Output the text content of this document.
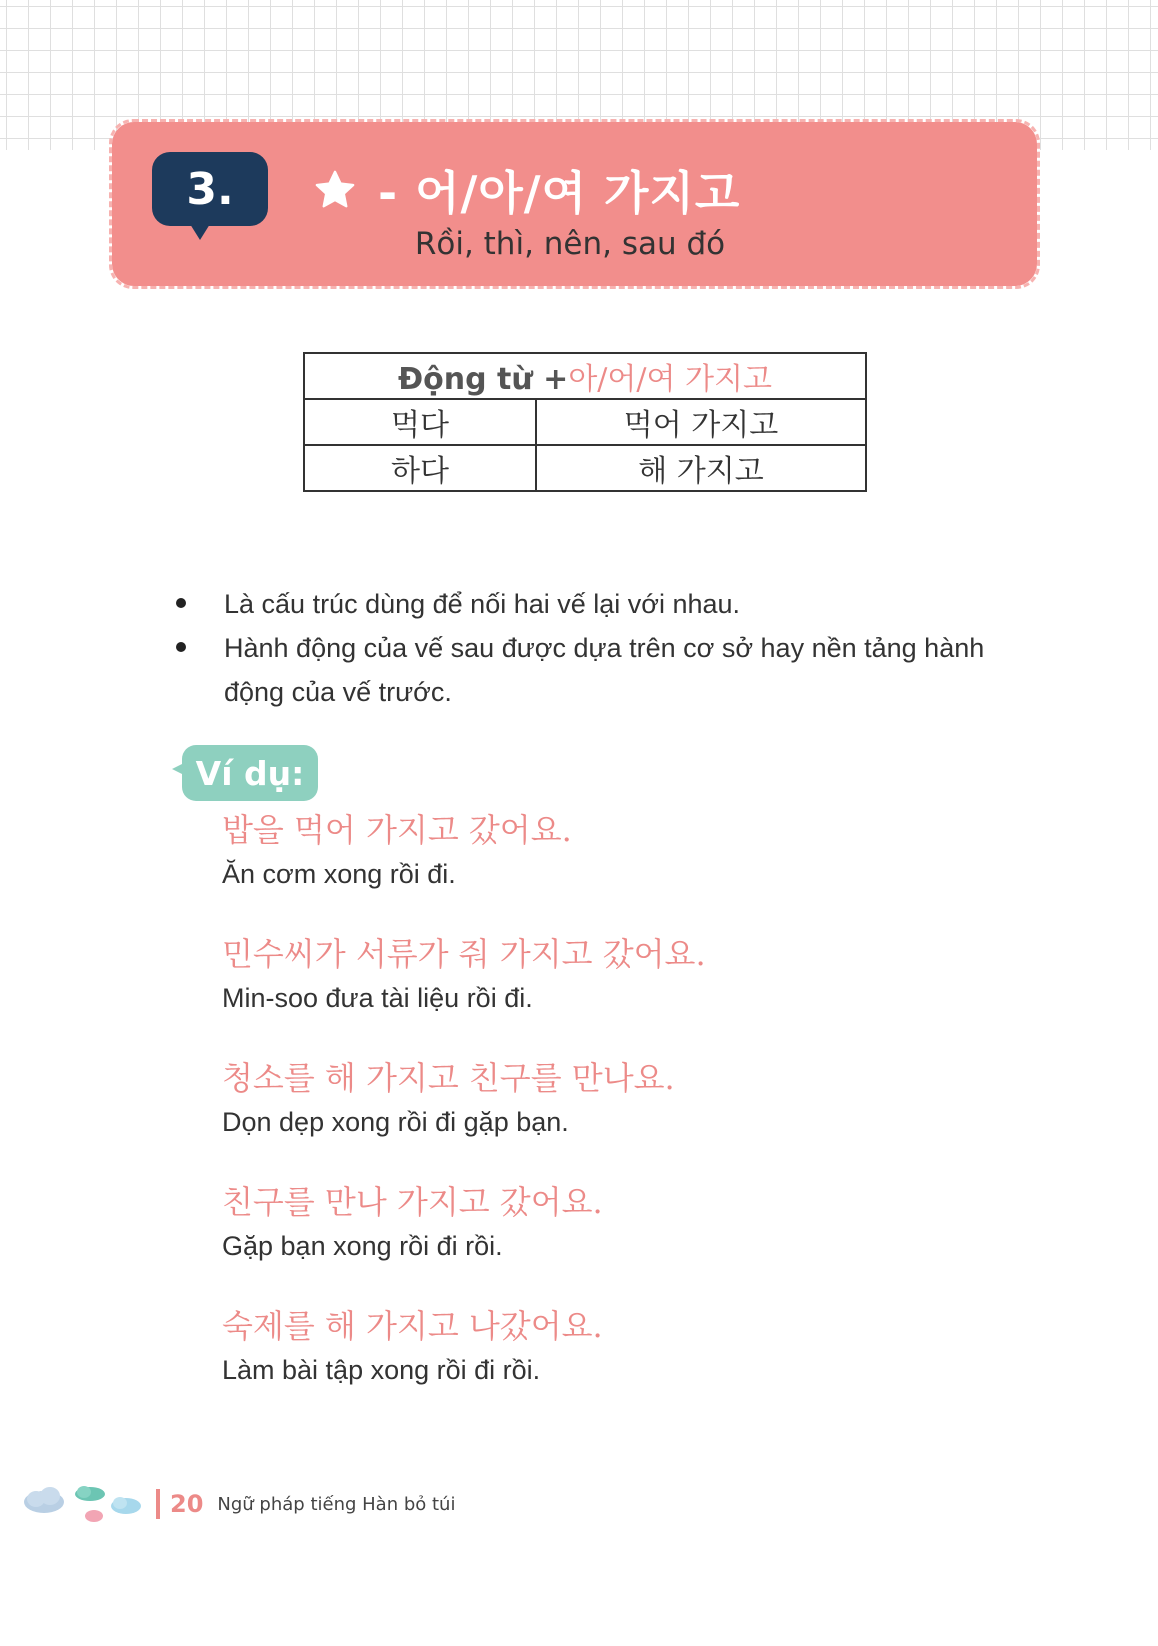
3.	- 어/아/여 가지고
Rồi, thì, nên, sau đó
Động từ +아/어/여 가지고	
먹다	먹어 가지고
하다	해 가지고
Là cấu trúc dùng để nối hai vế lại với nhau.
Hành động của vế sau được dựa trên cơ sở hay nền tảng hành động của vế trước.
Ví dụ:
밥을 먹어 가지고 갔어요.
Ăn cơm xong rồi đi.
민수씨가 서류가 줘 가지고 갔어요.
Min-soo đưa tài liệu rồi đi.
청소를 해 가지고 친구를 만나요.
Dọn dẹp xong rồi đi gặp bạn.
친구를 만나 가지고 갔어요.
Gặp bạn xong rồi đi rồi.
숙제를 해 가지고 나갔어요.
Làm bài tập xong rồi đi rồi.
20 Ngữ pháp tiếng Hàn bỏ túi
